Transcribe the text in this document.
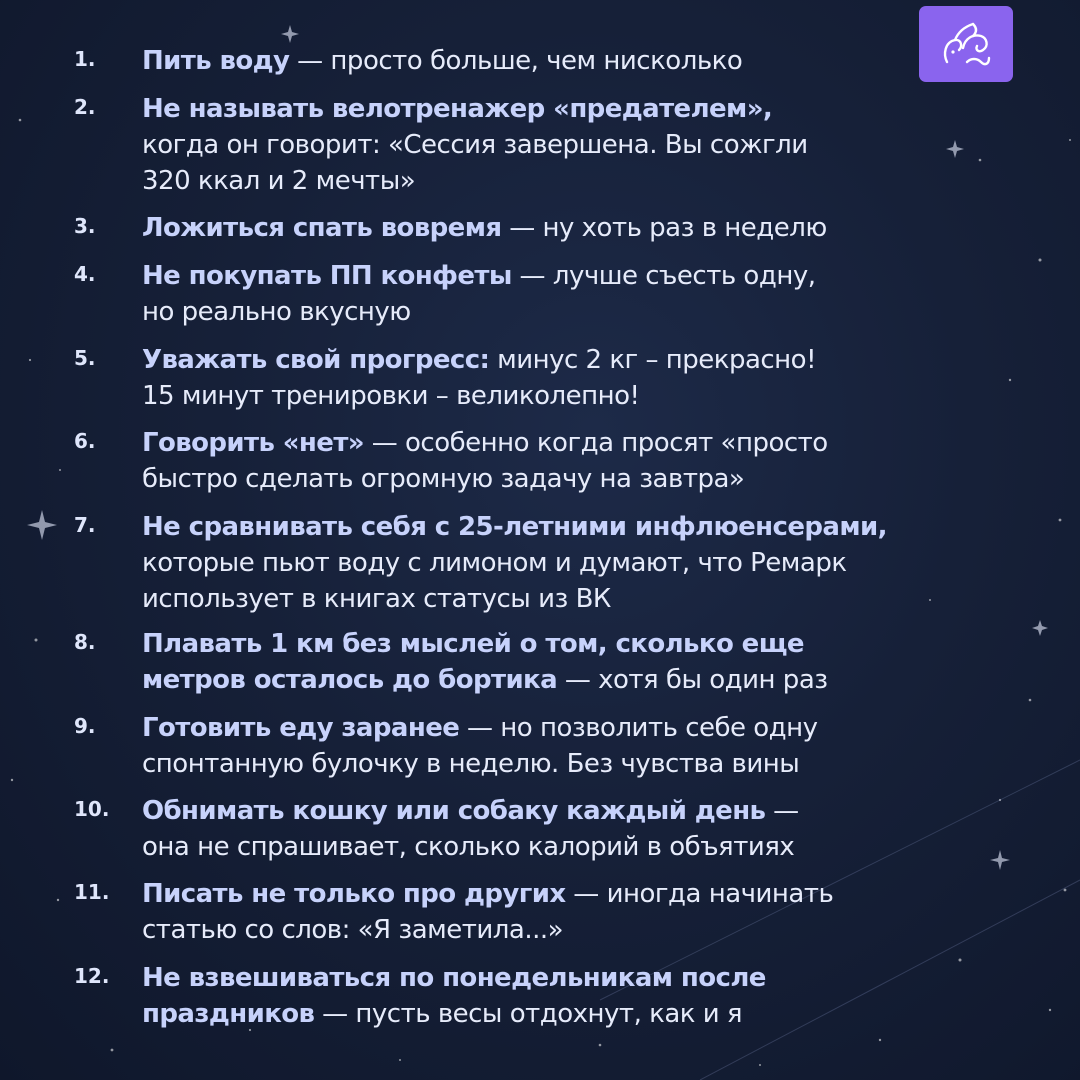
1. Пить воду — просто больше, чем нисколько
2. Не называть велотренажер «предателем»,
когда он говорит: «Сессия завершена. Вы сожгли
320 ккал и 2 мечты»
3. Ложиться спать вовремя — ну хоть раз в неделю
4. Не покупать ПП конфеты — лучше съесть одну,
но реально вкусную
5. Уважать свой прогресс: минус 2 кг – прекрасно!
15 минут тренировки – великолепно!
6. Говорить «нет» — особенно когда просят «просто
быстро сделать огромную задачу на завтра»
7. Не сравнивать себя с 25-летними инфлюенсерами,
которые пьют воду с лимоном и думают, что Ремарк
использует в книгах статусы из ВК
8. Плавать 1 км без мыслей о том, сколько еще
метров осталось до бортика — хотя бы один раз
9. Готовить еду заранее — но позволить себе одну
спонтанную булочку в неделю. Без чувства вины
10. Обнимать кошку или собаку каждый день —
она не спрашивает, сколько калорий в объятиях
11. Писать не только про других — иногда начинать
статью со слов: «Я заметила...»
12. Не взвешиваться по понедельникам после
праздников — пусть весы отдохнут, как и я
